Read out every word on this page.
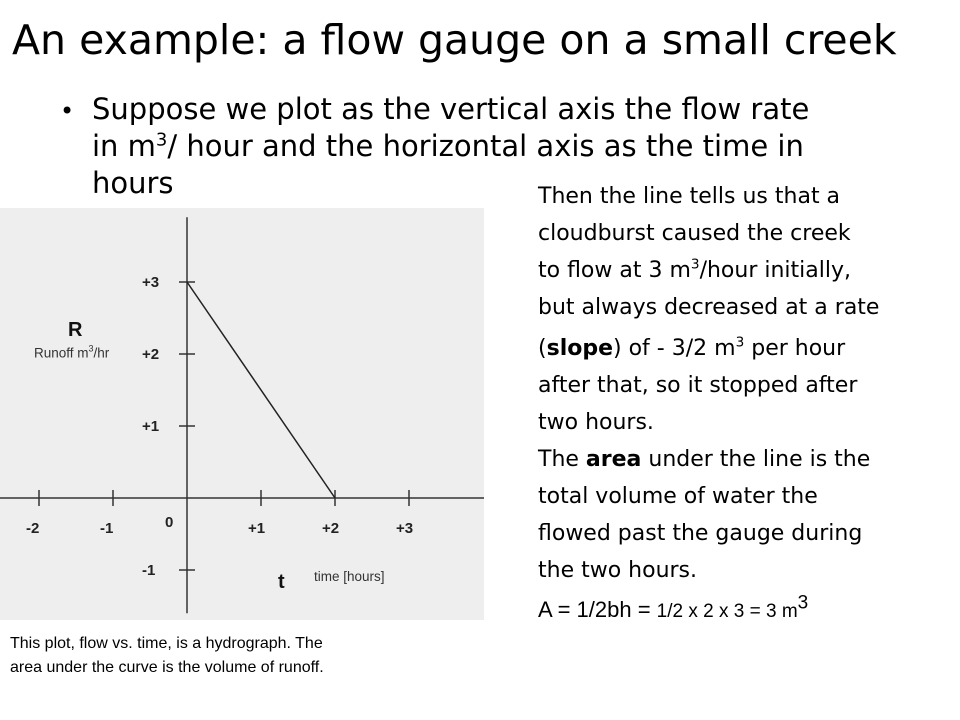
An example: a flow gauge on a small creek
• Suppose we plot as the vertical axis the flow rate
in $m^3/$ hour and the horizontal axis as the time in
hours
-2	-1	+1	+2	+3
+3
+2
+1
-1
0
R
Runoff $m^3/hr$
t time [hours]
This plot, flow vs. time, is a hydrograph. The
area under the curve is the volume of runoff.

Then the line tells us that a

cloudburst caused the creek

to flow at 3 $m^3$/hour initially,

but always decreased at a rate

(slope) of - 3/2 $m^3$ per hour

after that, so it stopped after

two hours.

The area under the line is the

total volume of water the

flowed past the gauge during

the two hours.

A = 1/2bh = 1/2 x 2 x 3 = 3 $m^3$
